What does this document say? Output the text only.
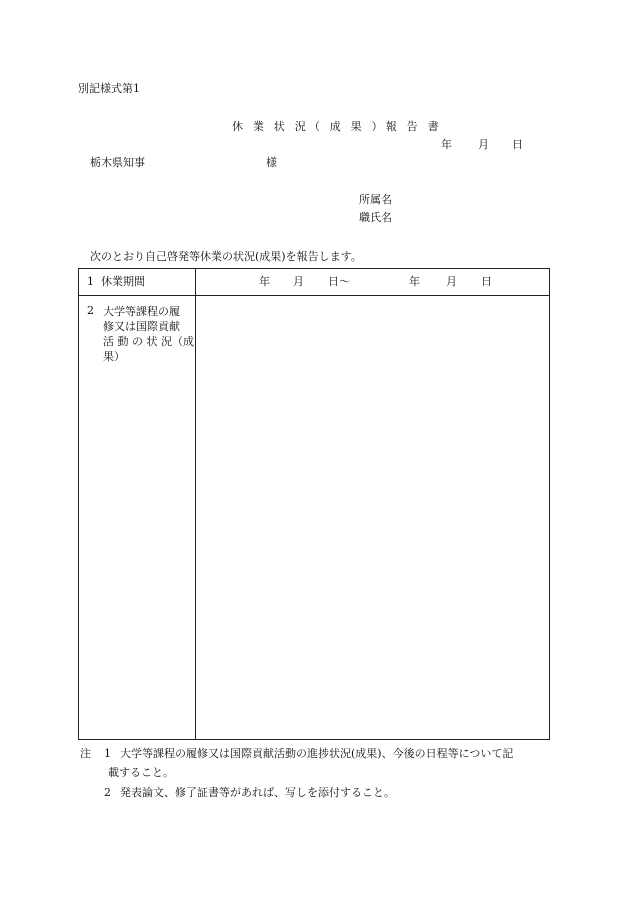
別記様式第1
休 業 状 況（ 成 果 ）報 告 書
年 月 日
栃木県知事	様
所属名
職氏名
次のとおり自己啓発等休業の状況(成果)を報告します。
1 休業期間	年 月 日〜	年 月 日
2 大学等課程の履
修又は国際貢献
活 動 の 状 況（成
果）
注 1 大学等課程の履修又は国際貢献活動の進捗状況(成果)、今後の日程等について記
載すること。
2 発表論文、修了証書等があれば、写しを添付すること。
